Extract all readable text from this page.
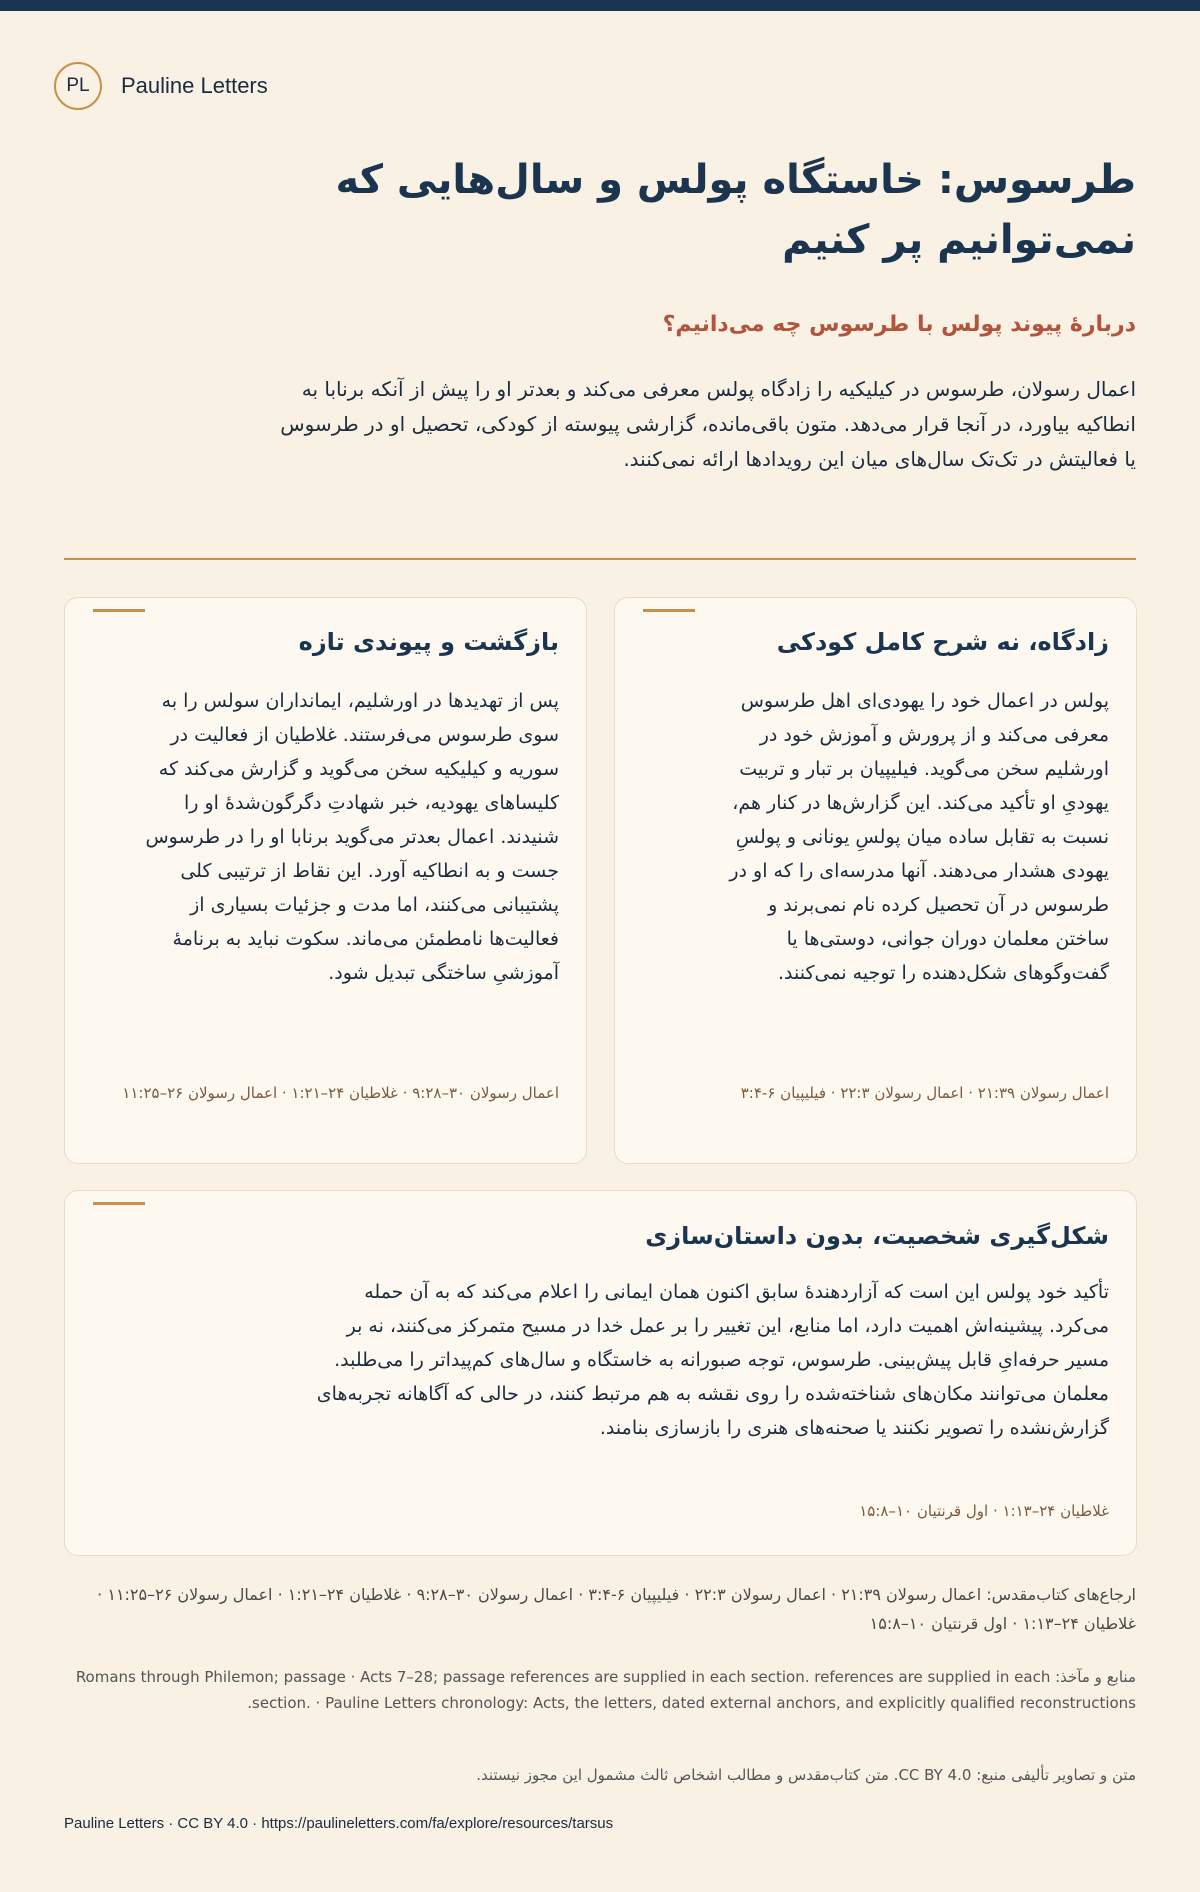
PL	Pauline Letters
طرسوس: خاستگاه پولس و سال‌هایی که نمی‌توانیم پر کنیم

دربارهٔ پیوند پولس با طرسوس چه می‌دانیم؟

اعمال رسولان، طرسوس در کیلیکیه را زادگاه پولس معرفی می‌کند و بعدتر او را پیش از آنکه برنابا به انطاکیه بیاورد، در آنجا قرار می‌دهد. متون باقی‌مانده، گزارشی پیوسته از کودکی، تحصیل او در طرسوس یا فعالیتش در تک‌تک سال‌های میان این رویدادها ارائه نمی‌کنند.

زادگاه، نه شرح کامل کودکی

پولس در اعمال خود را یهودی‌ای اهل طرسوس معرفی می‌کند و از پرورش و آموزش خود در اورشلیم سخن می‌گوید. فیلیپیان بر تبار و تربیت یهودیِ او تأکید می‌کند. این گزارش‌ها در کنار هم، نسبت به تقابل ساده میان پولسِ یونانی و پولسِ یهودی هشدار می‌دهند. آنها مدرسه‌ای را که او در طرسوس در آن تحصیل کرده نام نمی‌برند و ساختن معلمان دوران جوانی، دوستی‌ها یا گفت‌وگوهای شکل‌دهنده را توجیه نمی‌کنند.

اعمال رسولان ۲۱:۳۹ · اعمال رسولان ۲۲:۳ · فیلیپیان ۶-۳:۴

بازگشت و پیوندی تازه

پس از تهدیدها در اورشلیم، ایمانداران سولس را به سوی طرسوس می‌فرستند. غلاطیان از فعالیت در سوریه و کیلیکیه سخن می‌گوید و گزارش می‌کند که کلیساهای یهودیه، خبر شهادتِ دگرگون‌شدهٔ او را شنیدند. اعمال بعدتر می‌گوید برنابا او را در طرسوس جست و به انطاکیه آورد. این نقاط از ترتیبی کلی پشتیبانی می‌کنند، اما مدت و جزئیات بسیاری از فعالیت‌ها نامطمئن می‌ماند. سکوت نباید به برنامهٔ آموزشیِ ساختگی تبدیل شود.

اعمال رسولان ۳۰–۹:۲۸ · غلاطیان ۲۴–۱:۲۱ · اعمال رسولان ۲۶–۱۱:۲۵

شکل‌گیری شخصیت، بدون داستان‌سازی

تأکید خود پولس این است که آزاردهندهٔ سابق اکنون همان ایمانی را اعلام می‌کند که به آن حمله می‌کرد. پیشینه‌اش اهمیت دارد، اما منابع، این تغییر را بر عمل خدا در مسیح متمرکز می‌کنند، نه بر مسیر حرفه‌ایِ قابل پیش‌بینی. طرسوس، توجه صبورانه به خاستگاه و سال‌های کم‌پیدا‌تر را می‌طلبد. معلمان می‌توانند مکان‌های شناخته‌شده را روی نقشه به هم مرتبط کنند، در حالی که آگاهانه تجربه‌های گزارش‌نشده را تصویر نکنند یا صحنه‌های هنری را بازسازی بنامند.

غلاطیان ۲۴–۱:۱۳ · اول قرنتیان ۱۰–۱۵:۸

ارجاع‌های کتاب‌مقدس: اعمال رسولان ۲۱:۳۹ · اعمال رسولان ۲۲:۳ · فیلیپیان ۶-۳:۴ · اعمال رسولان ۳۰–۹:۲۸ · غلاطیان ۲۴–۱:۲۱ · اعمال رسولان ۲۶–۱۱:۲۵ · غلاطیان ۲۴–۱:۱۳ · اول قرنتیان ۱۰–۱۵:۸

منابع و مآخذ: Romans through Philemon; passage · Acts 7–28; passage references are supplied in each section. references are supplied in each section. · Pauline Letters chronology: Acts, the letters, dated external anchors, and explicitly qualified reconstructions.

متن و تصاویر تألیفی منبع: CC BY 4.0. متن کتاب‌مقدس و مطالب اشخاص ثالث مشمول این مجوز نیستند.

Pauline Letters · CC BY 4.0 · https://paulineletters.com/fa/explore/resources/tarsus
